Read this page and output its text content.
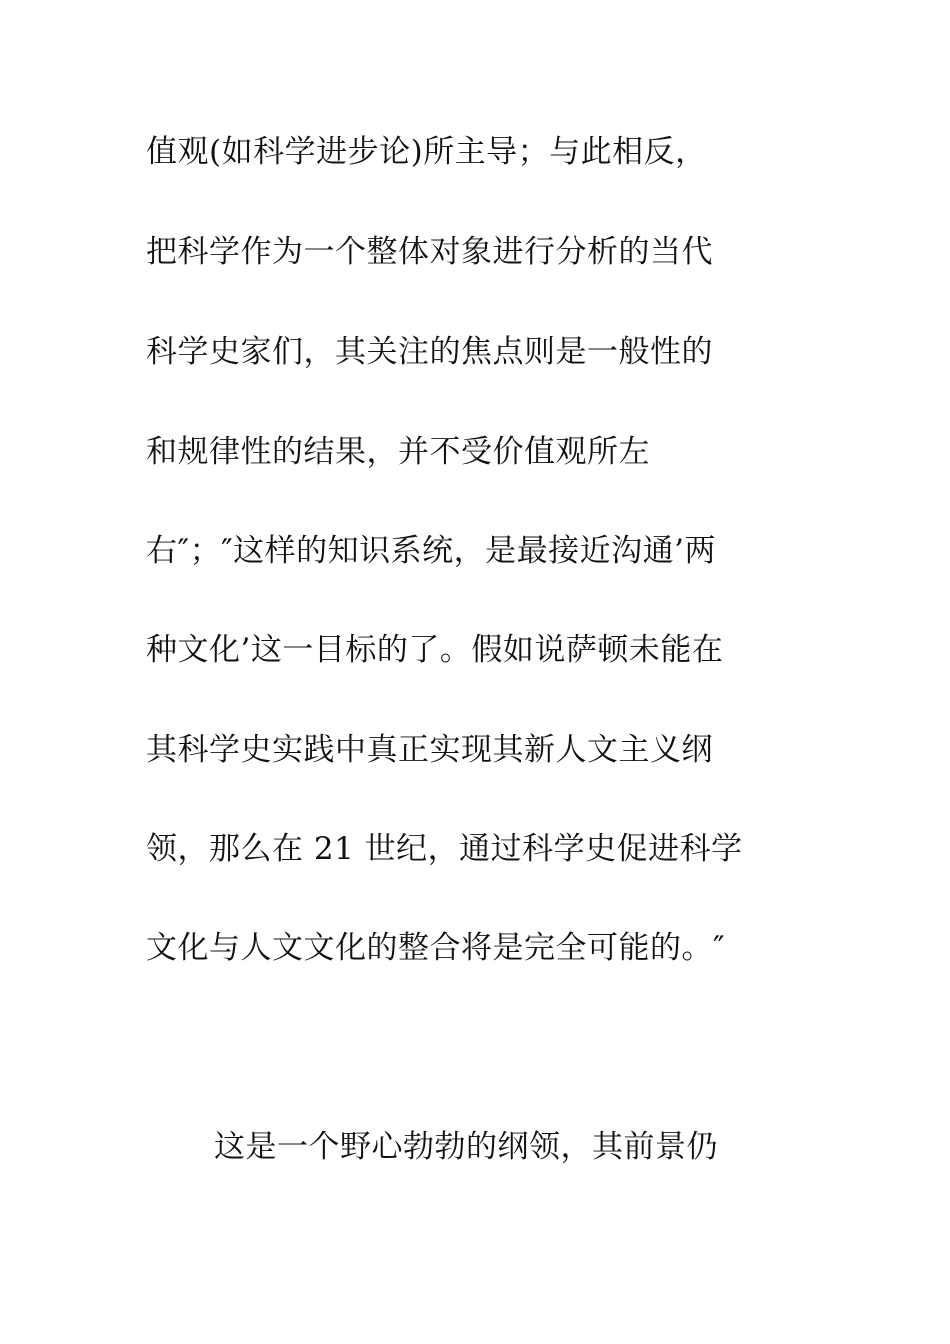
值观(如科学进步论)所主导；与此相反，
把科学作为一个整体对象进行分析的当代
科学史家们，其关注的焦点则是一般性的
和规律性的结果，并不受价值观所左
右″；″这样的知识系统，是最接近沟通’两
种文化’这一目标的了。假如说萨顿未能在
其科学史实践中真正实现其新人文主义纲
领，那么在 21 世纪，通过科学史促进科学
文化与人文文化的整合将是完全可能的。″
这是一个野心勃勃的纲领，其前景仍
